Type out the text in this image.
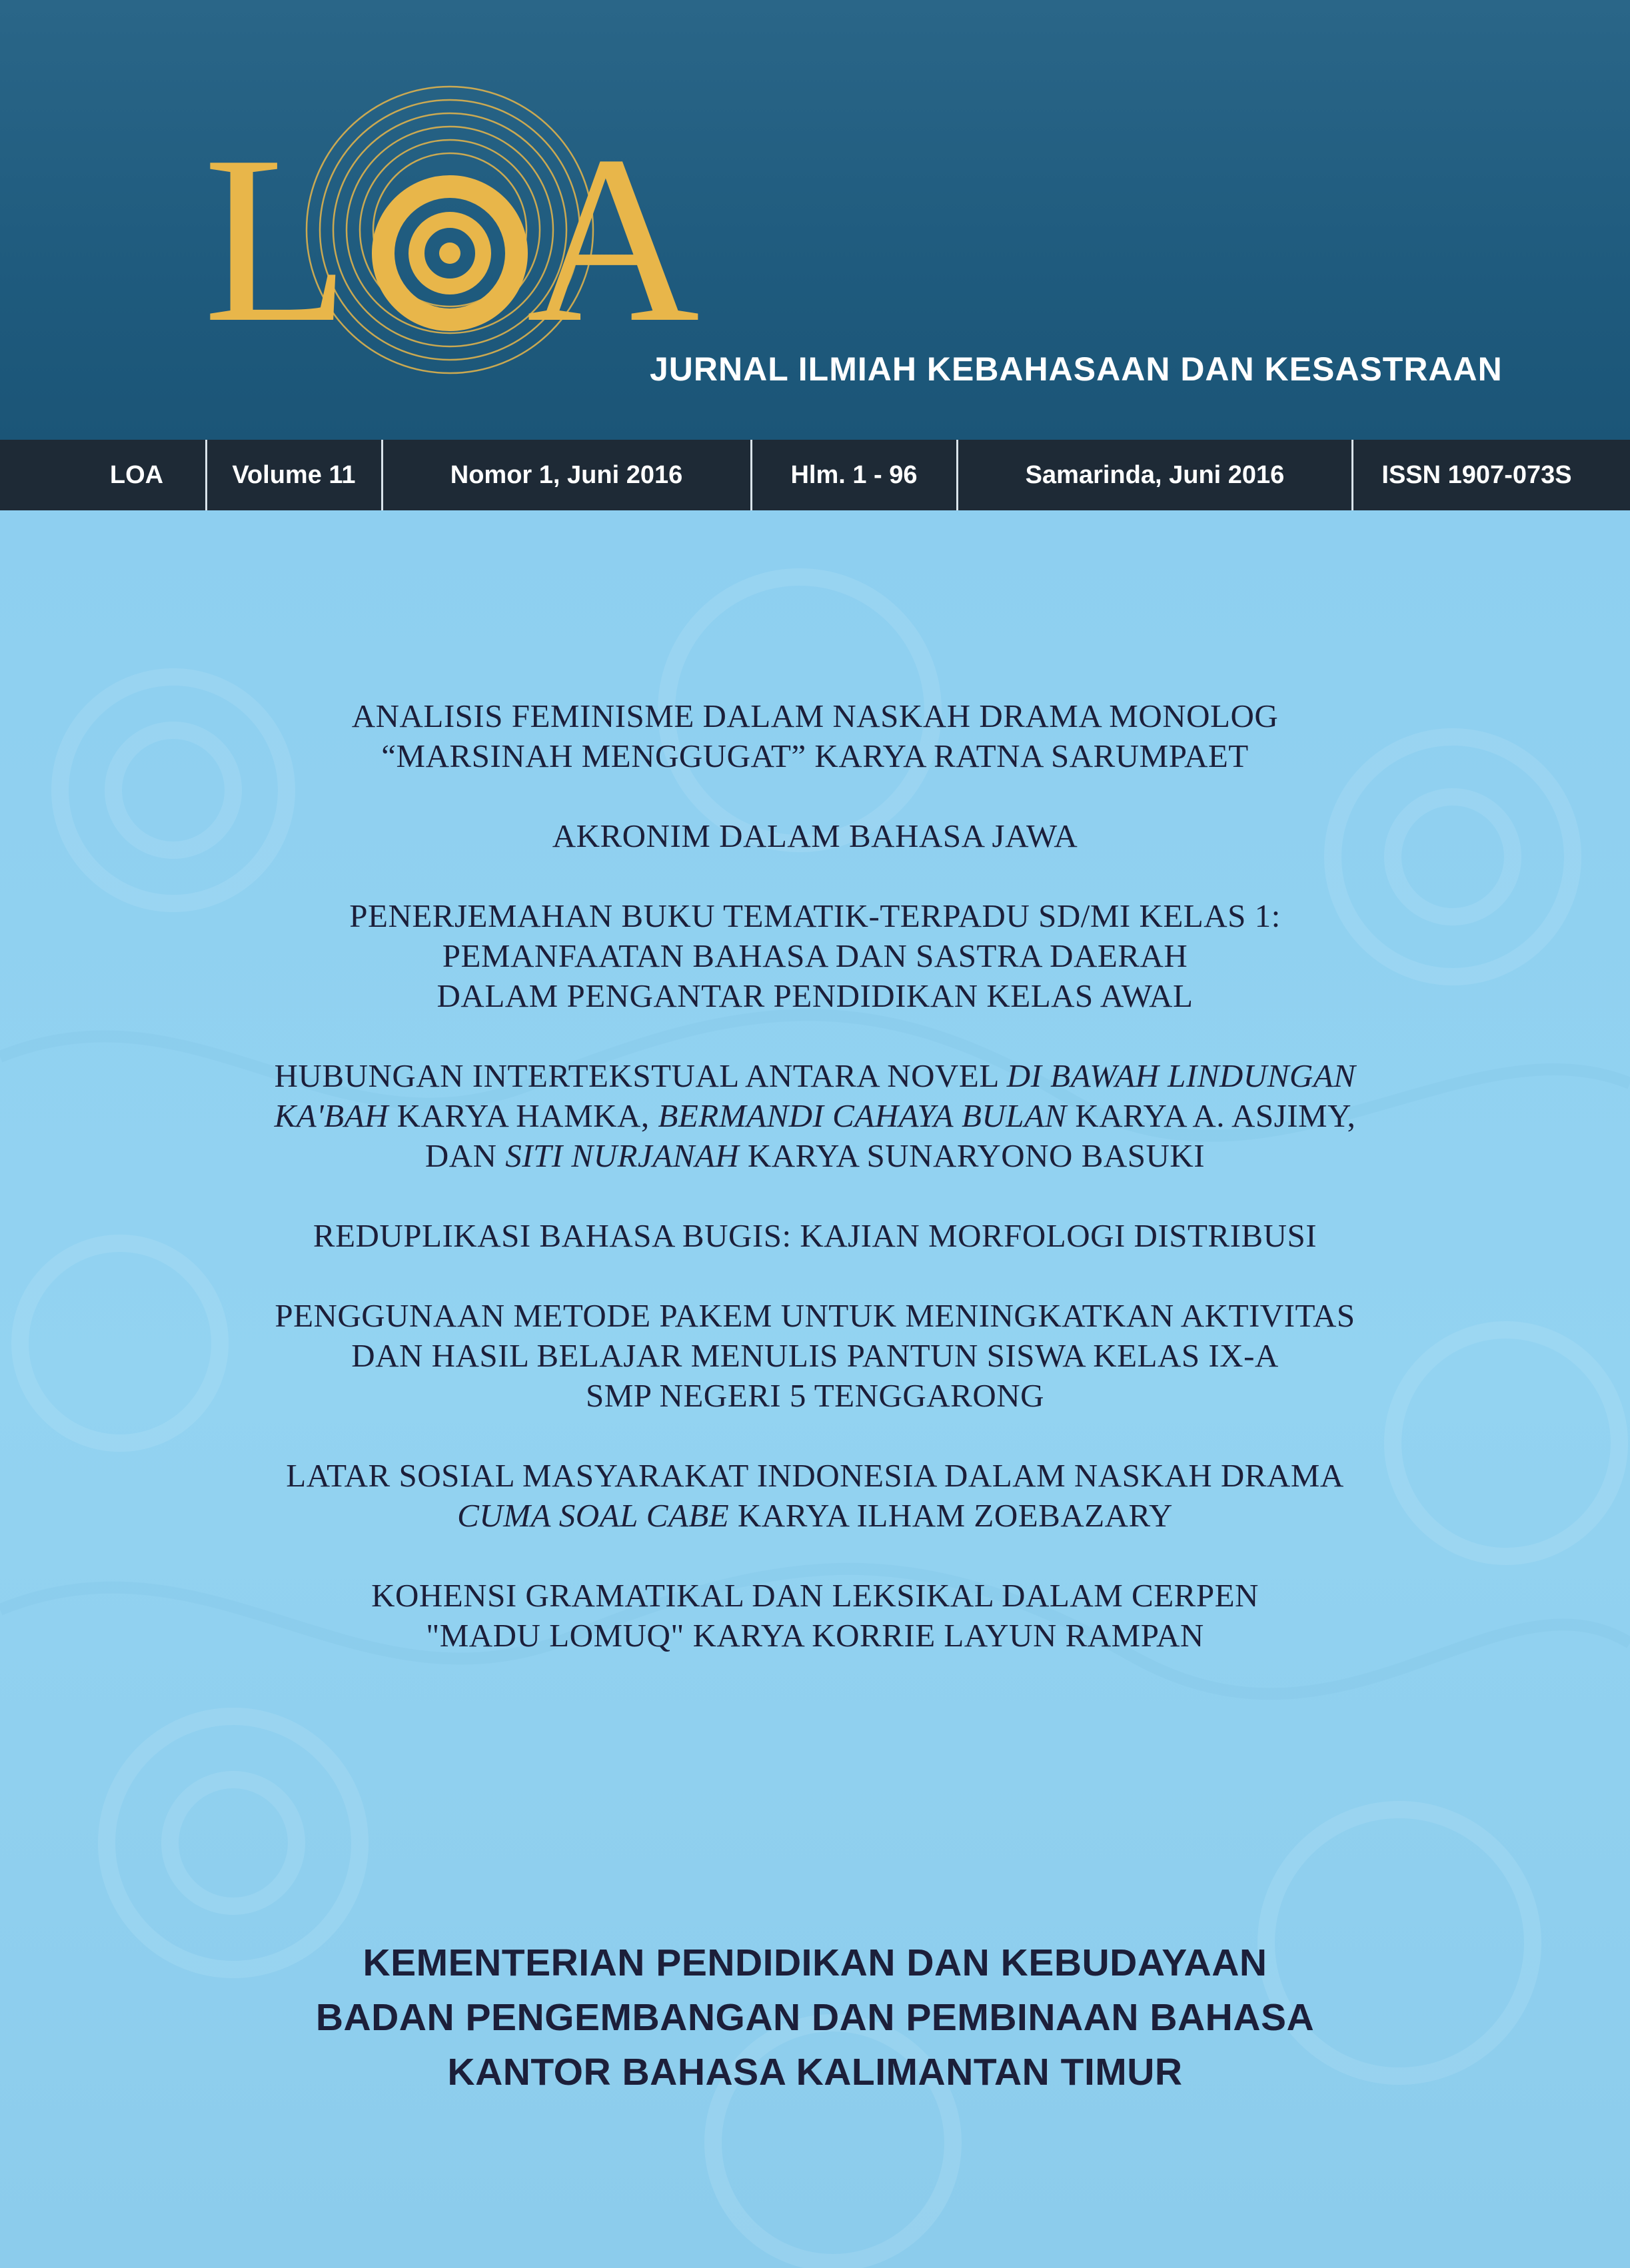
L A
JURNAL ILMIAH KEBAHASAAN DAN KESASTRAAN
LOA	Volume 11	Nomor 1, Juni 2016	Hlm. 1 - 96	Samarinda, Juni 2016	ISSN 1907-073S
ANALISIS FEMINISME DALAM NASKAH DRAMA MONOLOG
“MARSINAH MENGGUGAT” KARYA RATNA SARUMPAET
AKRONIM DALAM BAHASA JAWA
PENERJEMAHAN BUKU TEMATIK-TERPADU SD/MI KELAS 1:
PEMANFAATAN BAHASA DAN SASTRA DAERAH
DALAM PENGANTAR PENDIDIKAN KELAS AWAL
HUBUNGAN INTERTEKSTUAL ANTARA NOVEL DI BAWAH LINDUNGAN
KA'BAH KARYA HAMKA, BERMANDI CAHAYA BULAN KARYA A. ASJIMY,
DAN SITI NURJANAH KARYA SUNARYONO BASUKI
REDUPLIKASI BAHASA BUGIS: KAJIAN MORFOLOGI DISTRIBUSI
PENGGUNAAN METODE PAKEM UNTUK MENINGKATKAN AKTIVITAS
DAN HASIL BELAJAR MENULIS PANTUN SISWA KELAS IX-A
SMP NEGERI 5 TENGGARONG
LATAR SOSIAL MASYARAKAT INDONESIA DALAM NASKAH DRAMA
CUMA SOAL CABE KARYA ILHAM ZOEBAZARY
KOHENSI GRAMATIKAL DAN LEKSIKAL DALAM CERPEN
"MADU LOMUQ" KARYA KORRIE LAYUN RAMPAN
KEMENTERIAN PENDIDIKAN DAN KEBUDAYAAN
BADAN PENGEMBANGAN DAN PEMBINAAN BAHASA
KANTOR BAHASA KALIMANTAN TIMUR
